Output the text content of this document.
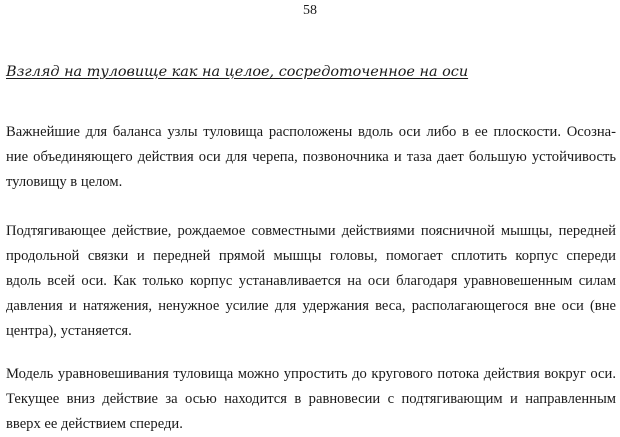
58
Взгляд на туловище как на целое, сосредоточенное на оси
Важнейшие для баланса узлы туловища расположены вдоль оси либо в ее плоскости. Осозна-
ние объединяющего действия оси для черепа, позвоночника и таза дает большую устойчивость
туловищу в целом.
Подтягивающее действие, рождаемое совместными действиями поясничной мышцы, передней
продольной связки и передней прямой мышцы головы, помогает сплотить корпус спереди
вдоль всей оси. Как только корпус устанавливается на оси благодаря уравновешенным силам
давления и натяжения, ненужное усилие для удержания веса, располагающегося вне оси (вне
центра), устаняется.
Модель уравновешивания туловища можно упростить до кругового потока действия вокруг оси.
Текущее вниз действие за осью находится в равновесии с подтягивающим и направленным
вверх ее действием спереди.
